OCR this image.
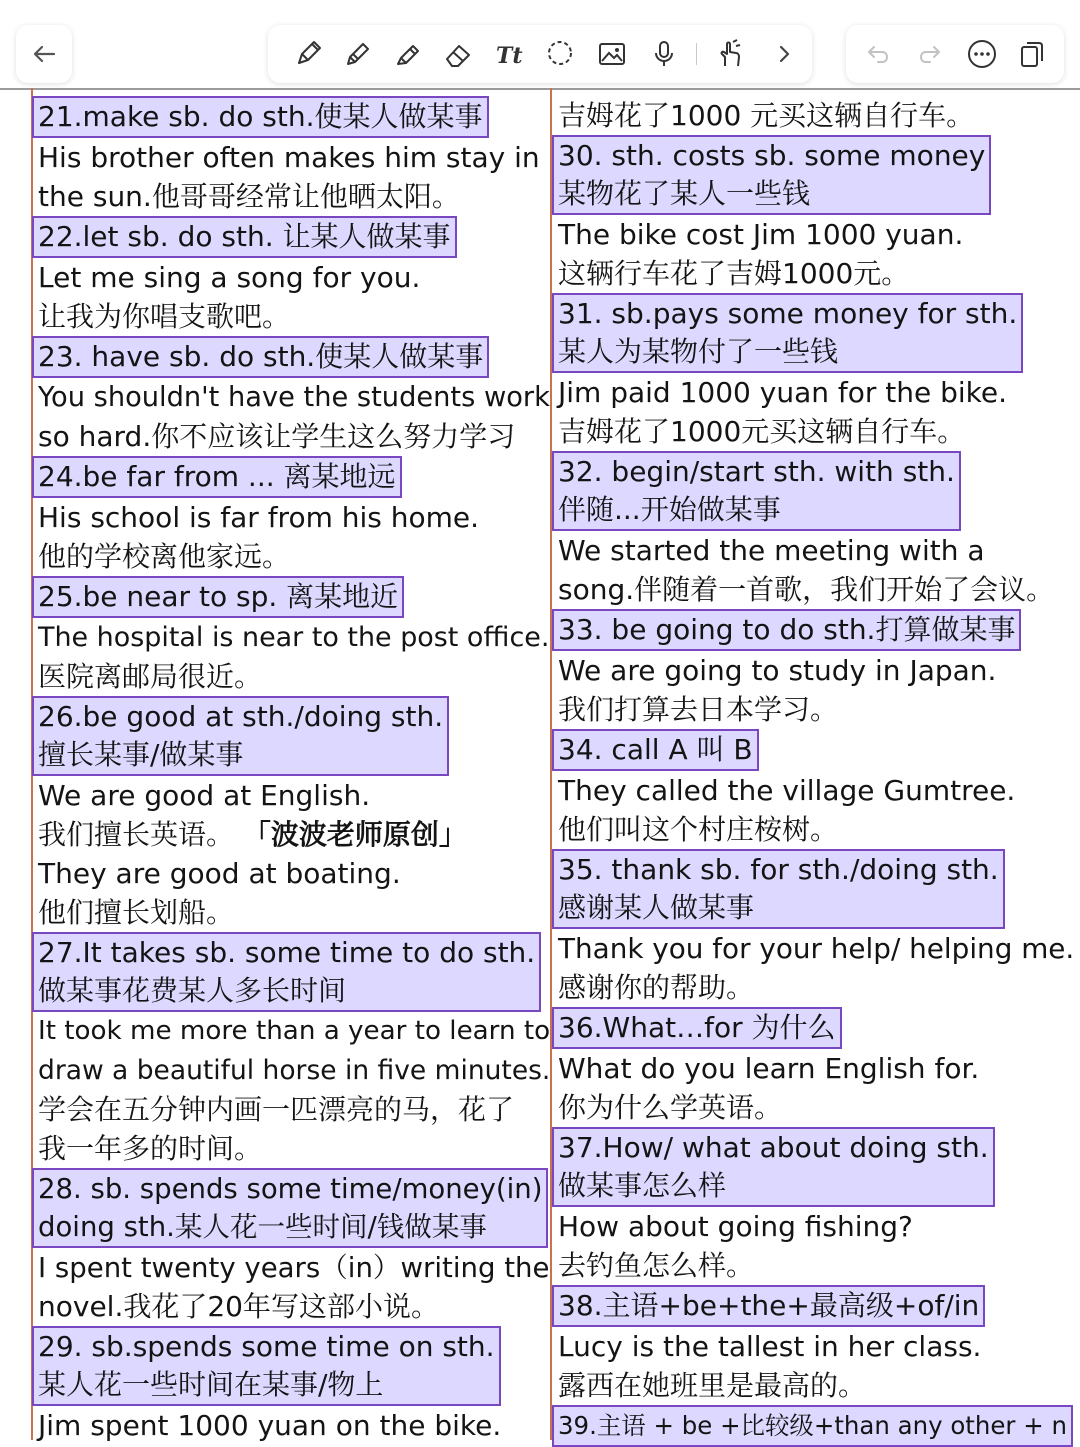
Tt
21.make sb. do sth.使某人做某事
His brother often makes him stay in
the sun.他哥哥经常让他晒太阳。
22.let sb. do sth. 让某人做某事
Let me sing a song for you.
让我为你唱支歌吧。
23. have sb. do sth.使某人做某事
You shouldn't have the students work
so hard.你不应该让学生这么努力学习
24.be far from ... 离某地远
His school is far from his home.
他的学校离他家远。
25.be near to sp. 离某地近
The hospital is near to the post office.
医院离邮局很近。
26.be good at sth./doing sth.
擅长某事/做某事
We are good at English.
我们擅长英语。 「波波老师原创」
They are good at boating.
他们擅长划船。
27.It takes sb. some time to do sth.
做某事花费某人多长时间
It took me more than a year to learn to
draw a beautiful horse in five minutes.
学会在五分钟内画一匹漂亮的马，花了
我一年多的时间。
28. sb. spends some time/money(in)
doing sth.某人花一些时间/钱做某事
I spent twenty years（in）writing the
novel.我花了20年写这部小说。
29. sb.spends some time on sth.
某人花一些时间在某事/物上
Jim spent 1000 yuan on the bike.
吉姆花了1000 元买这辆自行车。
30. sth. costs sb. some money
某物花了某人一些钱
The bike cost Jim 1000 yuan.
这辆行车花了吉姆1000元。
31. sb.pays some money for sth.
某人为某物付了一些钱
Jim paid 1000 yuan for the bike.
吉姆花了1000元买这辆自行车。
32. begin/start sth. with sth.
伴随...开始做某事
We started the meeting with a
song.伴随着一首歌，我们开始了会议。
33. be going to do sth.打算做某事
We are going to study in Japan.
我们打算去日本学习。
34. call A 叫 B
They called the village Gumtree.
他们叫这个村庄桉树。
35. thank sb. for sth./doing sth.
感谢某人做某事
Thank you for your help/ helping me.
感谢你的帮助。
36.What…for 为什么
What do you learn English for.
你为什么学英语。
37.How/ what about doing sth.
做某事怎么样
How about going fishing?
去钓鱼怎么样。
38.主语+be+the+最高级+of/in
Lucy is the tallest in her class.
露西在她班里是最高的。
39.主语 + be +比较级+than any other + n
